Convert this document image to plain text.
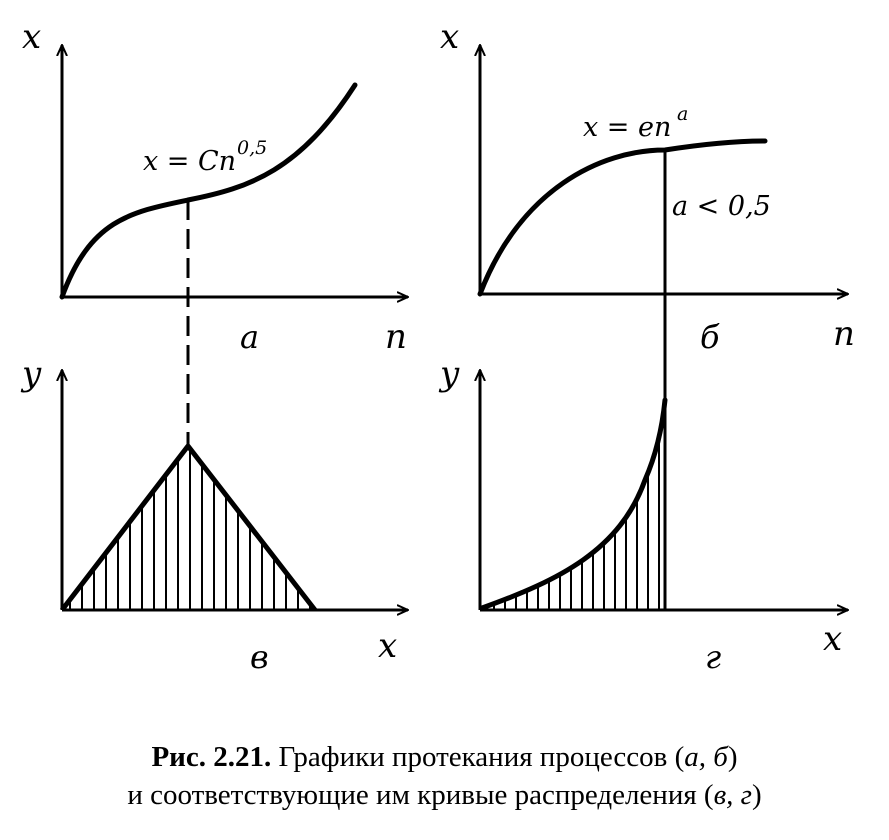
x
n
x = Cn 0,5
а
x
n
x = en a
a < 0,5
б
y
x
в
y
x
г
Рис. 2.21. Графики протекания процессов (а, б)
и соответствующие им кривые распределения (в, г)
